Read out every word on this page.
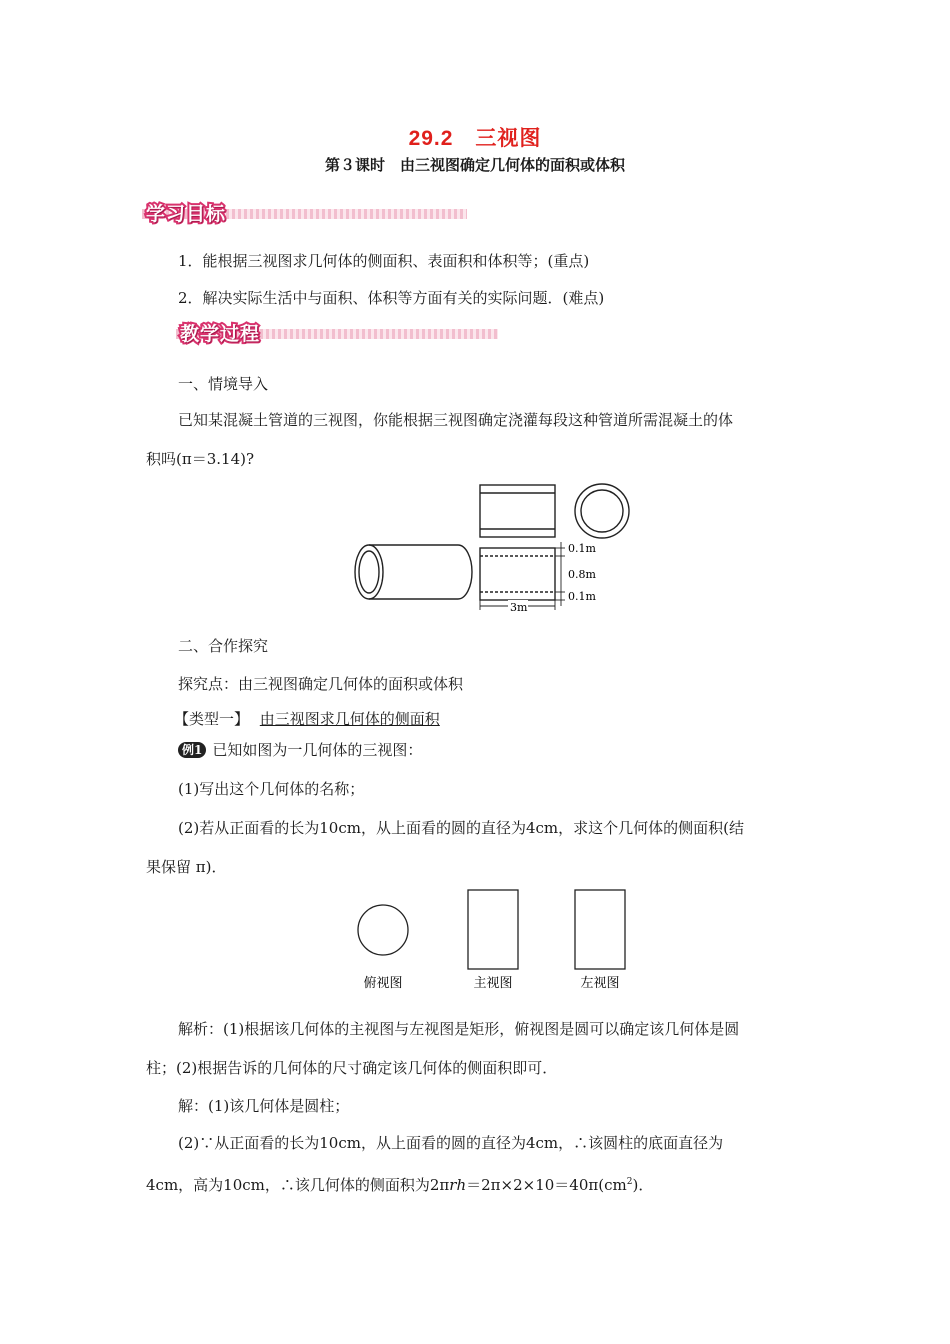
29.2　三视图
第３课时　由三视图确定几何体的面积或体积
学习目标
1．能根据三视图求几何体的侧面积、表面积和体积等；(重点)
2．解决实际生活中与面积、体积等方面有关的实际问题．(难点)
教学过程
一、情境导入
已知某混凝土管道的三视图，你能根据三视图确定浇灌每段这种管道所需混凝土的体
积吗(π＝3.14)?
0.1m
0.8m
0.1m
3m
二、合作探究
探究点：由三视图确定几何体的面积或体积
【类型一】 由三视图求几何体的侧面积
例1 已知如图为一几何体的三视图：
(1)写出这个几何体的名称；
(2)若从正面看的长为10cm，从上面看的圆的直径为4cm，求这个几何体的侧面积(结
果保留 π)．
俯视图	主视图	左视图
解析：(1)根据该几何体的主视图与左视图是矩形，俯视图是圆可以确定该几何体是圆
柱；(2)根据告诉的几何体的尺寸确定该几何体的侧面积即可．
解：(1)该几何体是圆柱；
(2)∵从正面看的长为10cm，从上面看的圆的直径为4cm，∴该圆柱的底面直径为
4cm，高为10cm，∴该几何体的侧面积为$2\pi rh=2\pi\times 2\times 10=40\pi(cm^2)$．
